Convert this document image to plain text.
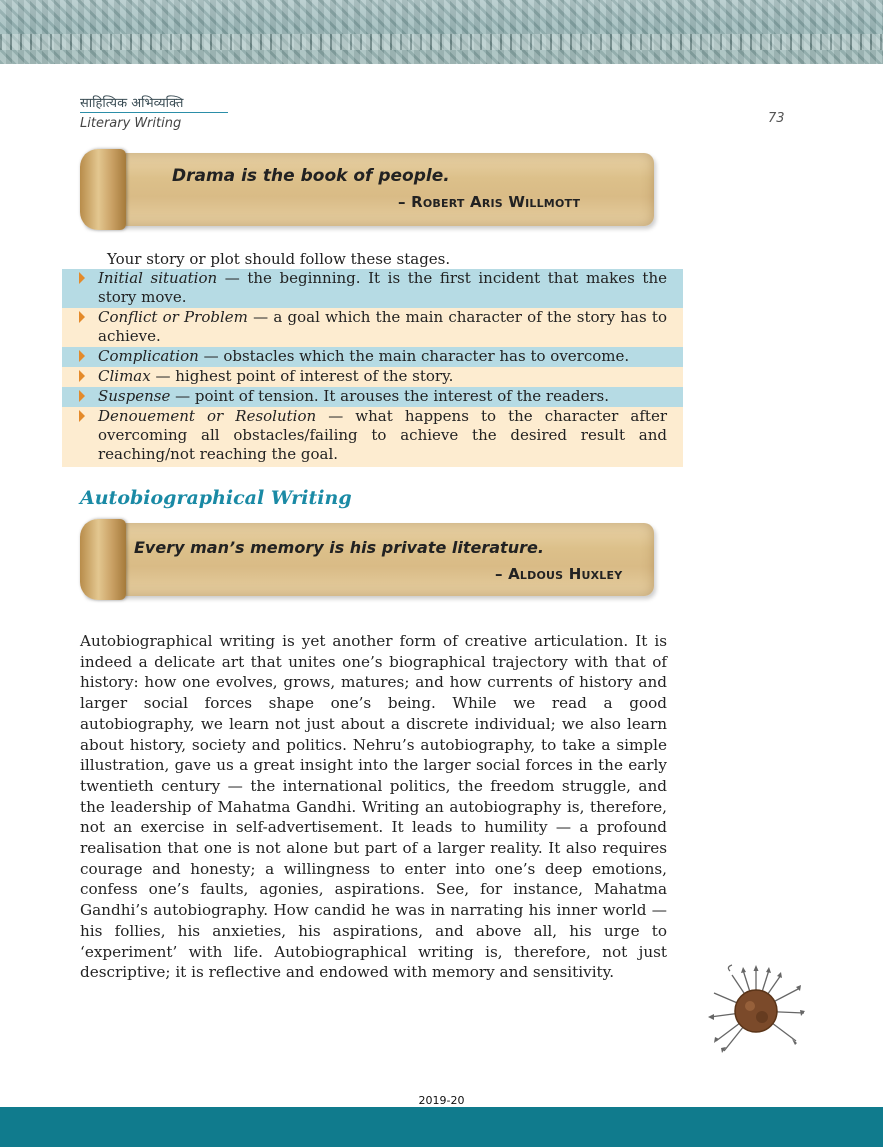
साहित्यिक अभिव्यक्ति
Literary Writing	73
Drama is the book of people.
– Robert Aris Willmott
Your story or plot should follow these stages.
Initial situation — the beginning. It is the first incident that makes the story move.
Conflict or Problem — a goal which the main character of the story has to achieve.
Complication — obstacles which the main character has to overcome.
Climax — highest point of interest of the story.
Suspense — point of tension. It arouses the interest of the readers.
Denouement or Resolution — what happens to the character after overcoming all obstacles/failing to achieve the desired result and reaching/not reaching the goal.
Autobiographical Writing
Every man’s memory is his private literature.
– Aldous Huxley
Autobiographical writing is yet another form of creative articulation. It is indeed a delicate art that unites one’s biographical trajectory with that of history: how one evolves, grows, matures; and how currents of history and larger social forces shape one’s being. While we read a good autobiography, we learn not just about a discrete individual; we also learn about history, society and politics. Nehru’s autobiography, to take a simple illustration, gave us a great insight into the larger social forces in the early twentieth century — the international politics, the freedom struggle, and the leadership of Mahatma Gandhi. Writing an autobiography is, therefore, not an exercise in self-advertisement. It leads to humility — a profound realisation that one is not alone but part of a larger reality. It also requires courage and honesty; a willingness to enter into one’s deep emotions, confess one’s faults, agonies, aspirations. See, for instance, Mahatma Gandhi’s autobiography. How candid he was in narrating his inner world — his follies, his anxieties, his aspirations, and above all, his urge to ‘experiment’ with life. Autobiographical writing is, therefore, not just descriptive; it is reflective and endowed with memory and sensitivity.
2019-20
